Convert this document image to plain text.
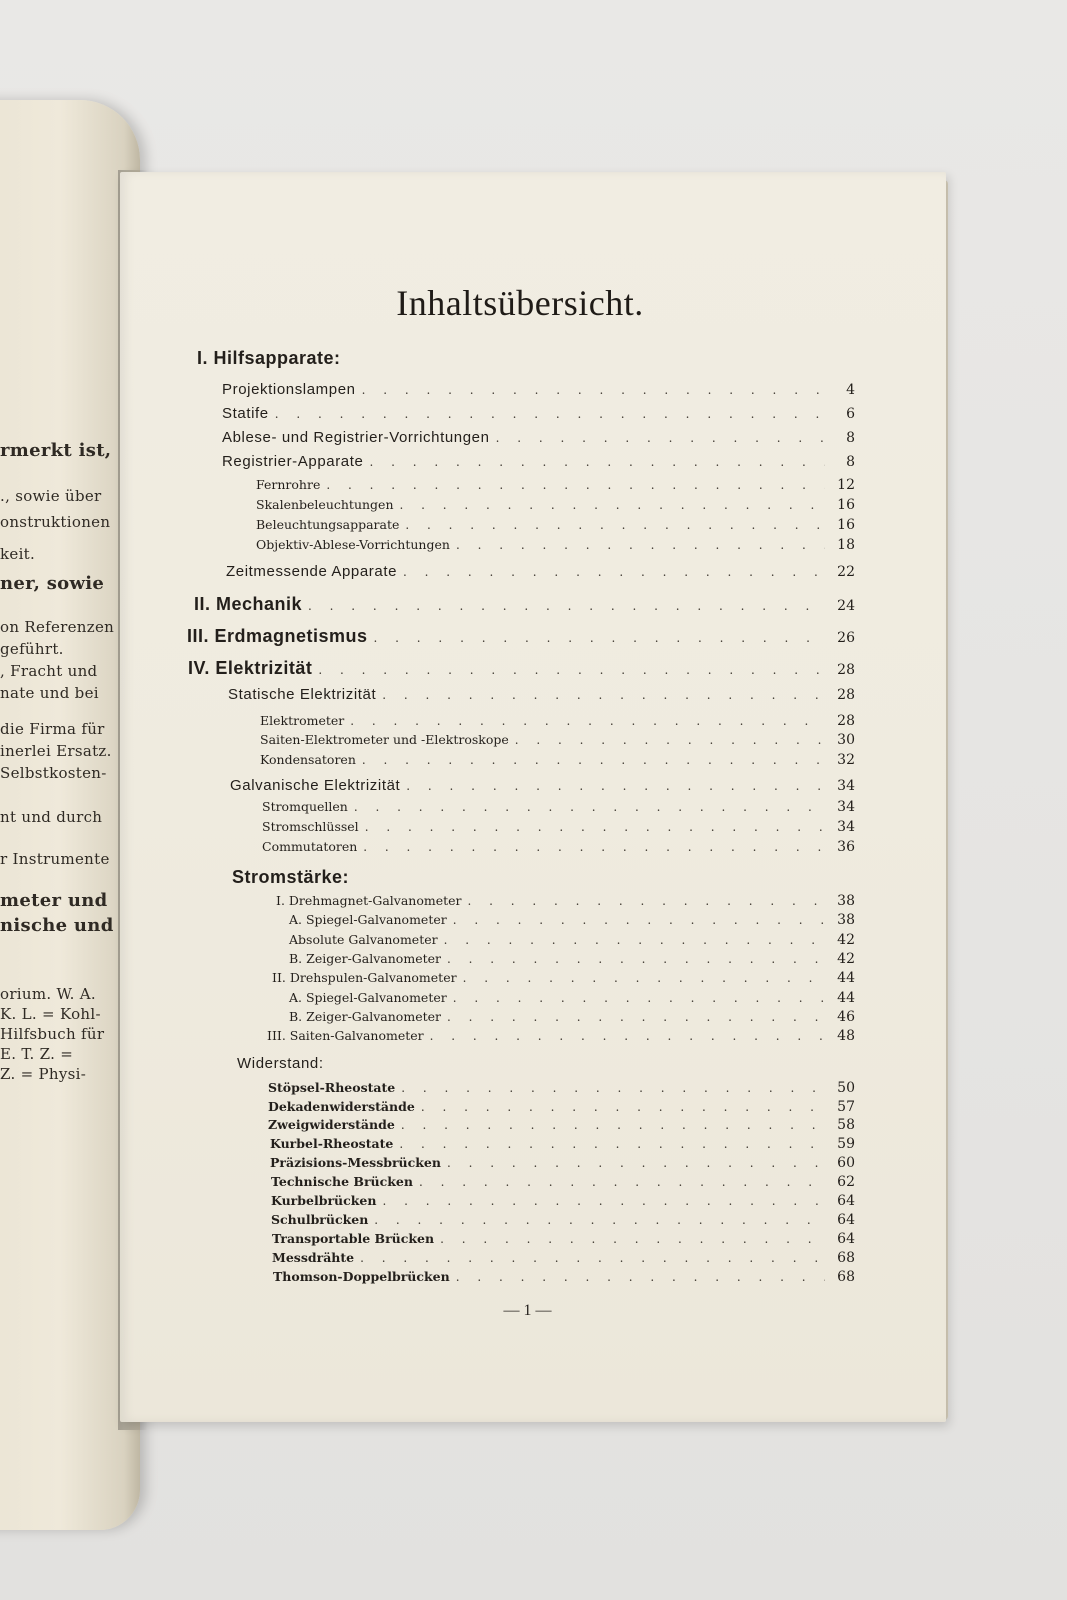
rmerkt ist,
., sowie über
onstruktionen
keit.
ner, sowie
on Referenzen
geführt.
, Fracht und
nate und bei
die Firma für
inerlei Ersatz.
Selbstkosten-
nt und durch
r Instrumente
meter und
nische und
orium. W. A.
K. L. = Kohl-
Hilfsbuch für
E. T. Z. =
Z. = Physi-
Inhaltsübersicht.
I. Hilfsapparate:
Projektionslampen . . .	4
Statife . . .	6
Ablese- und Registrier-Vorrichtungen . . .	8
Registrier-Apparate . . .	8
Fernrohre . . .	12
Skalenbeleuchtungen . . .	16
Beleuchtungsapparate . . .	16
Objektiv-Ablese-Vorrichtungen . . .	18
Zeitmessende Apparate . . .	22
II. Mechanik . . .	24
III. Erdmagnetismus . . .	26
IV. Elektrizität . . .	28
Statische Elektrizität . . .	28
Elektrometer . . .	28
Saiten-Elektrometer und -Elektroskope . . .	30
Kondensatoren . . .	32
Galvanische Elektrizität . . .	34
Stromquellen . . .	34
Stromschlüssel . . .	34
Commutatoren . . .	36
Stromstärke:
I. Drehmagnet-Galvanometer . . .	38
A. Spiegel-Galvanometer . . .	38
Absolute Galvanometer . . .	42
B. Zeiger-Galvanometer . . .	42
II. Drehspulen-Galvanometer . . .	44
A. Spiegel-Galvanometer . . .	44
B. Zeiger-Galvanometer . . .	46
III. Saiten-Galvanometer . . .	48
Widerstand:
Stöpsel-Rheostate . . .	50
Dekadenwiderstände . . .	57
Zweigwiderstände . . .	58
Kurbel-Rheostate . . .	59
Präzisions-Messbrücken . . .	60
Technische Brücken . . .	62
Kurbelbrücken . . .	64
Schulbrücken . . .	64
Transportable Brücken . . .	64
Messdrähte . . .	68
Thomson-Doppelbrücken . . .	68
— 1 —
